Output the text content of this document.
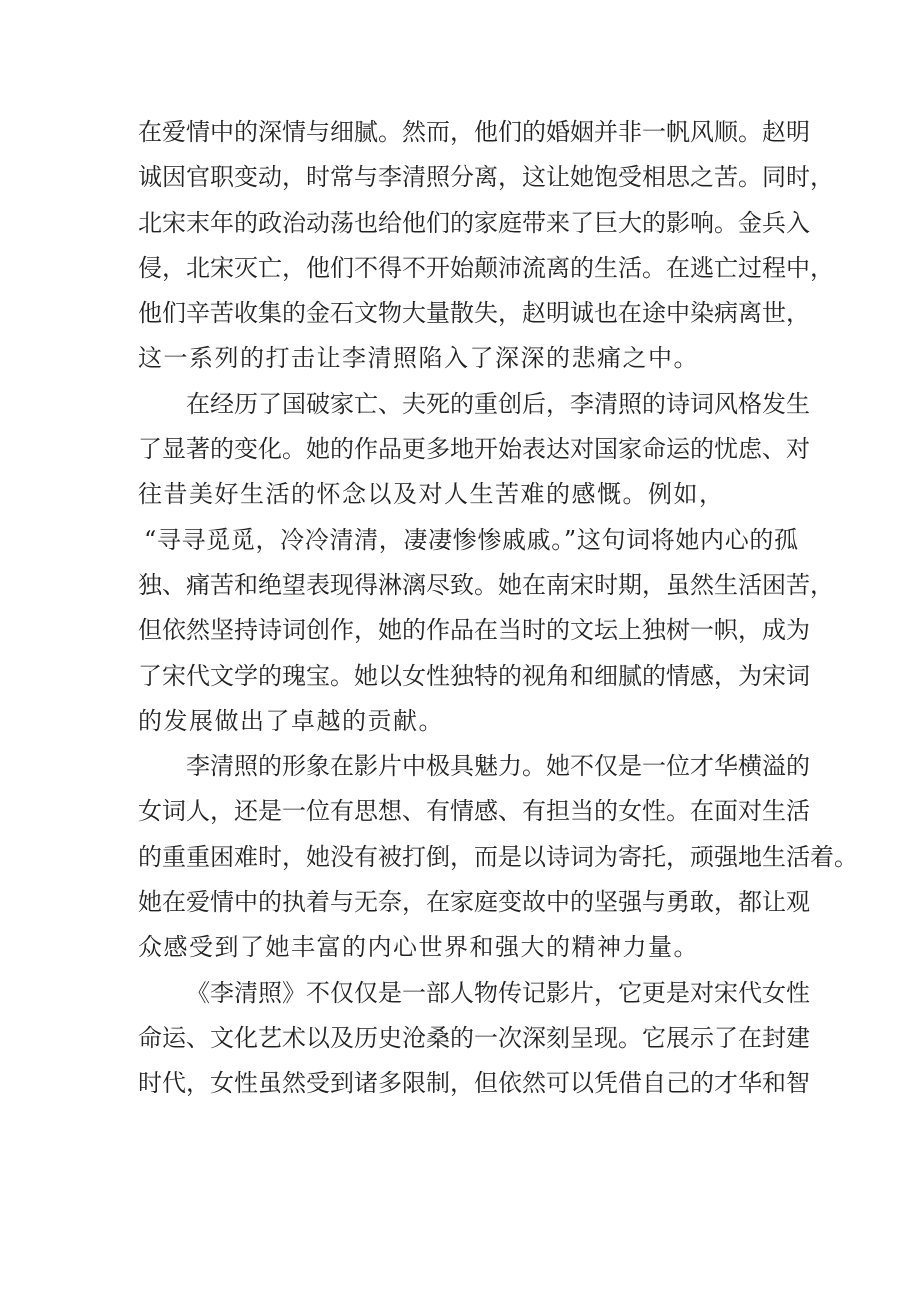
在爱情中的深情与细腻。然而，他们的婚姻并非一帆风顺。赵明
诚因官职变动，时常与李清照分离，这让她饱受相思之苦。同时，
北宋末年的政治动荡也给他们的家庭带来了巨大的影响。金兵入
侵，北宋灭亡，他们不得不开始颠沛流离的生活。在逃亡过程中，
他们辛苦收集的金石文物大量散失，赵明诚也在途中染病离世，
这一系列的打击让李清照陷入了深深的悲痛之中。
在经历了国破家亡、夫死的重创后，李清照的诗词风格发生
了显著的变化。她的作品更多地开始表达对国家命运的忧虑、对
往昔美好生活的怀念以及对人生苦难的感慨。例如，
“寻寻觅觅，冷冷清清，凄凄惨惨戚戚。”这句词将她内心的孤
独、痛苦和绝望表现得淋漓尽致。她在南宋时期，虽然生活困苦，
但依然坚持诗词创作，她的作品在当时的文坛上独树一帜，成为
了宋代文学的瑰宝。她以女性独特的视角和细腻的情感，为宋词
的发展做出了卓越的贡献。
李清照的形象在影片中极具魅力。她不仅是一位才华横溢的
女词人，还是一位有思想、有情感、有担当的女性。在面对生活
的重重困难时，她没有被打倒，而是以诗词为寄托，顽强地生活着。
她在爱情中的执着与无奈，在家庭变故中的坚强与勇敢，都让观
众感受到了她丰富的内心世界和强大的精神力量。
《李清照》不仅仅是一部人物传记影片，它更是对宋代女性
命运、文化艺术以及历史沧桑的一次深刻呈现。它展示了在封建
时代，女性虽然受到诸多限制，但依然可以凭借自己的才华和智
